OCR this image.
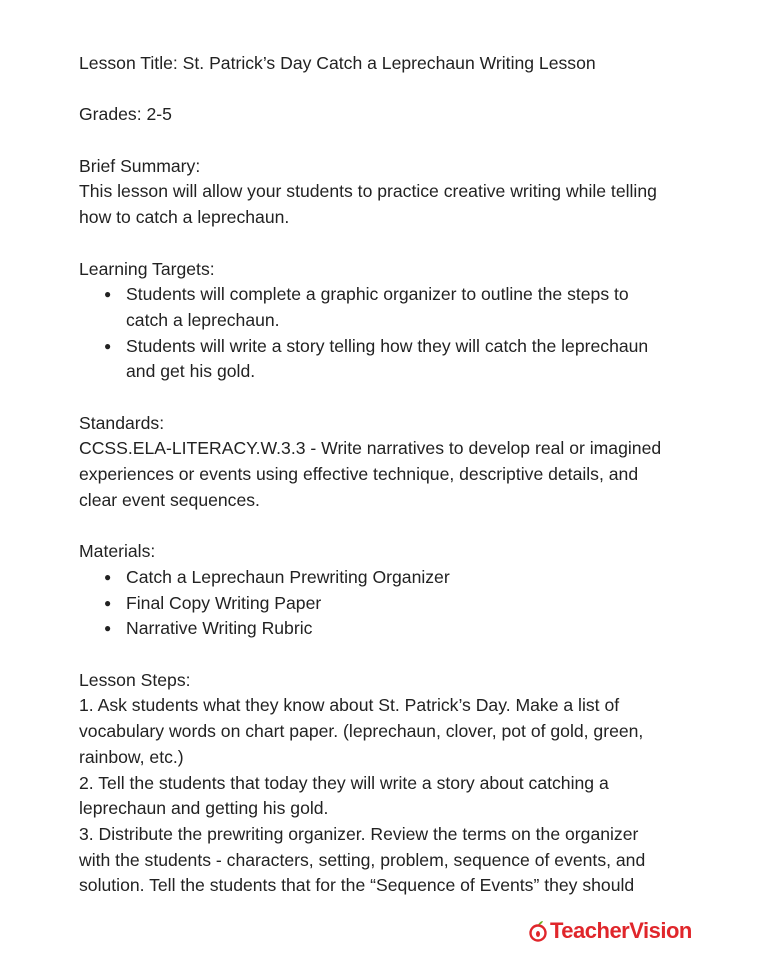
Lesson Title: St. Patrick’s Day Catch a Leprechaun Writing Lesson
Grades: 2-5
Brief Summary:
This lesson will allow your students to practice creative writing while telling
how to catch a leprechaun.
Learning Targets:
● Students will complete a graphic organizer to outline the steps to
catch a leprechaun.
● Students will write a story telling how they will catch the leprechaun
and get his gold.
Standards:
CCSS.ELA-LITERACY.W.3.3 - Write narratives to develop real or imagined
experiences or events using effective technique, descriptive details, and
clear event sequences.
Materials:
● Catch a Leprechaun Prewriting Organizer
● Final Copy Writing Paper
● Narrative Writing Rubric
Lesson Steps:
1. Ask students what they know about St. Patrick’s Day. Make a list of
vocabulary words on chart paper. (leprechaun, clover, pot of gold, green,
rainbow, etc.)
2. Tell the students that today they will write a story about catching a
leprechaun and getting his gold.
3. Distribute the prewriting organizer. Review the terms on the organizer
with the students - characters, setting, problem, sequence of events, and
solution. Tell the students that for the “Sequence of Events” they should
TeacherVision
